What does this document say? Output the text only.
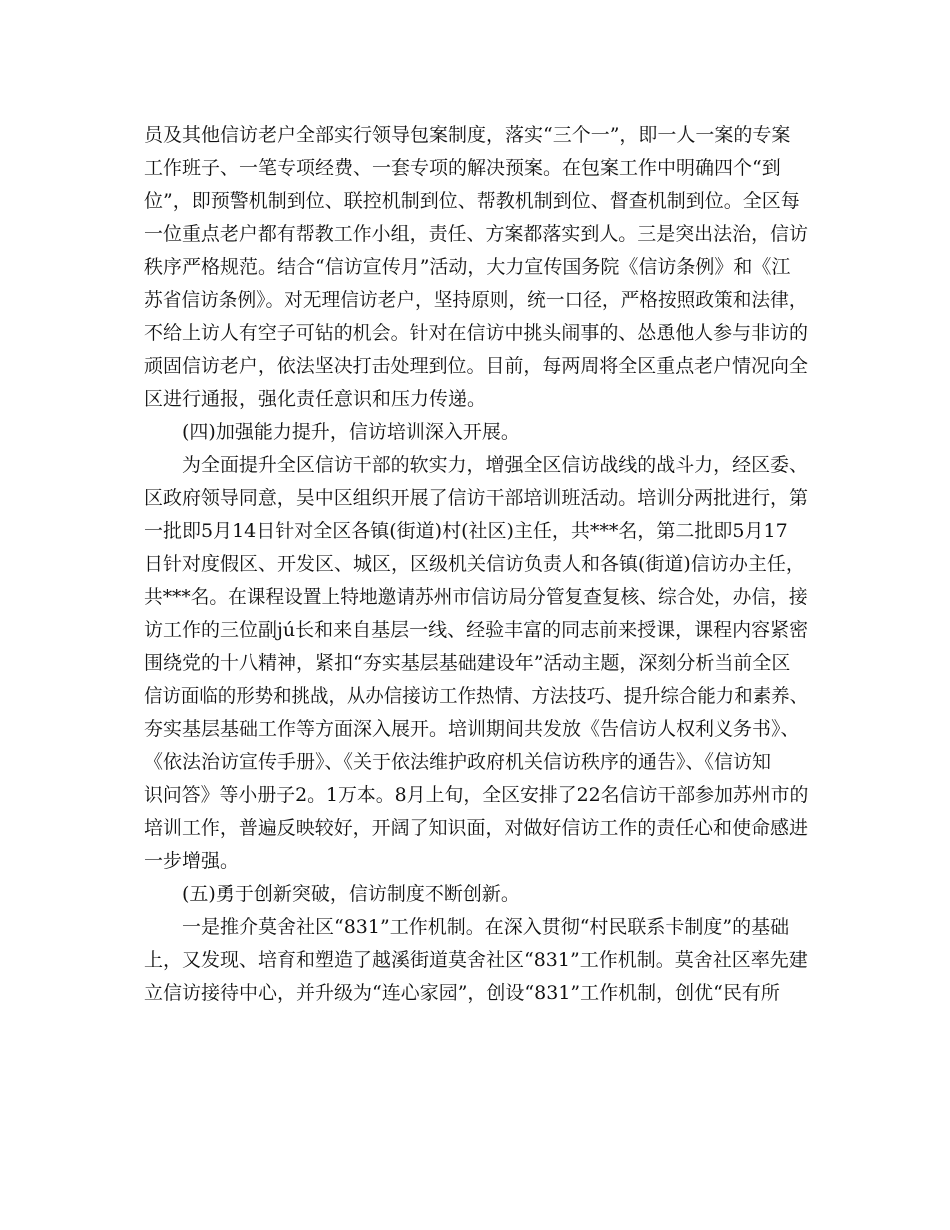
员及其他信访老户全部实行领导包案制度，落实“三个一”，即一人一案的专案
工作班子、一笔专项经费、一套专项的解决预案。在包案工作中明确四个“到
位”，即预警机制到位、联控机制到位、帮教机制到位、督查机制到位。全区每
一位重点老户都有帮教工作小组，责任、方案都落实到人。三是突出法治，信访
秩序严格规范。结合“信访宣传月”活动，大力宣传国务院《信访条例》和《江
苏省信访条例》。对无理信访老户，坚持原则，统一口径，严格按照政策和法律，
不给上访人有空子可钻的机会。针对在信访中挑头闹事的、怂恿他人参与非访的
顽固信访老户，依法坚决打击处理到位。目前，每两周将全区重点老户情况向全
区进行通报，强化责任意识和压力传递。
(四)加强能力提升，信访培训深入开展。
为全面提升全区信访干部的软实力，增强全区信访战线的战斗力，经区委、
区政府领导同意，吴中区组织开展了信访干部培训班活动。培训分两批进行，第
一批即5月14日针对全区各镇(街道)村(社区)主任，共***名，第二批即5月17
日针对度假区、开发区、城区，区级机关信访负责人和各镇(街道)信访办主任，
共***名。在课程设置上特地邀请苏州市信访局分管复查复核、综合处，办信，接
访工作的三位副jú长和来自基层一线、经验丰富的同志前来授课，课程内容紧密
围绕党的十八精神，紧扣“夯实基层基础建设年”活动主题，深刻分析当前全区
信访面临的形势和挑战，从办信接访工作热情、方法技巧、提升综合能力和素养、
夯实基层基础工作等方面深入展开。培训期间共发放《告信访人权利义务书》、
《依法治访宣传手册》、《关于依法维护政府机关信访秩序的通告》、《信访知
识问答》等小册子2。1万本。8月上旬，全区安排了22名信访干部参加苏州市的
培训工作，普遍反映较好，开阔了知识面，对做好信访工作的责任心和使命感进
一步增强。
(五)勇于创新突破，信访制度不断创新。
一是推介莫舍社区“831”工作机制。在深入贯彻“村民联系卡制度”的基础
上，又发现、培育和塑造了越溪街道莫舍社区“831”工作机制。莫舍社区率先建
立信访接待中心，并升级为“连心家园”，创设“831”工作机制，创优“民有所
